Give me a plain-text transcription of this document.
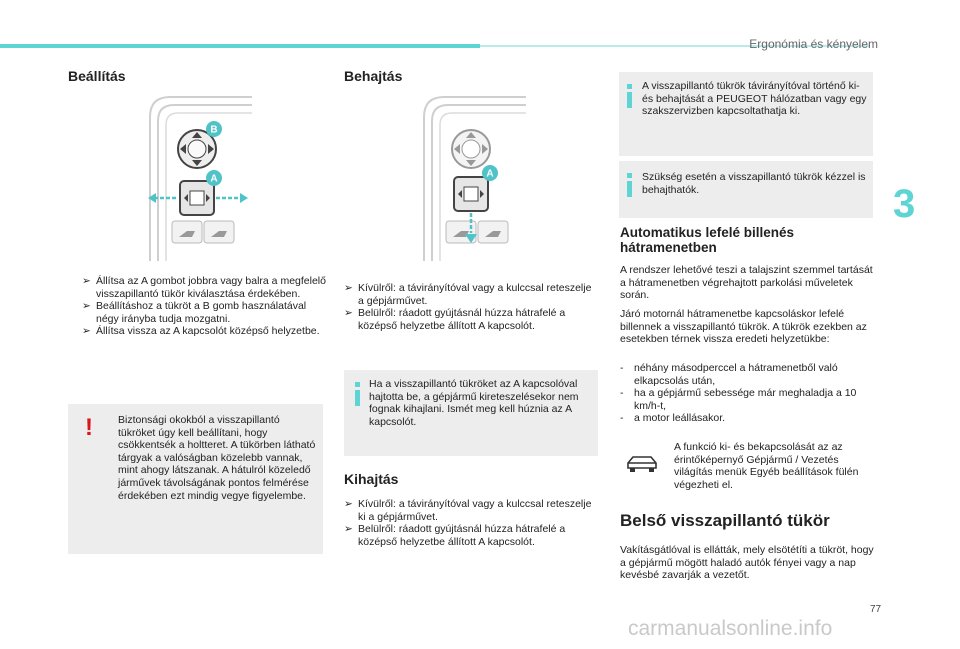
Ergonómia és kényelem
3
77
carmanualsonline.info
Beállítás
B
A
➢ Állítsa az A gombot jobbra vagy balra a megfelelő visszapillantó tükör kiválasztása érdekében.
➢ Beállításhoz a tükröt a B gomb használatával négy irányba tudja mozgatni.
➢ Állítsa vissza az A kapcsolót középső helyzetbe.
! Biztonsági okokból a visszapillantó tükröket úgy kell beállítani, hogy csökkentsék a holtteret. A tükörben látható tárgyak a valóságban közelebb vannak, mint ahogy látszanak. A hátulról közeledő járművek távolságának pontos felmérése érdekében ezt mindig vegye figyelembe.
Behajtás
A
➢ Kívülről: a távirányítóval vagy a kulccsal reteszelje a gépjárművet.
➢ Belülről: ráadott gyújtásnál húzza hátrafelé a középső helyzetbe állított A kapcsolót.
Ha a visszapillantó tükröket az A kapcsolóval hajtotta be, a gépjármű kireteszelésekor nem fognak kihajlani. Ismét meg kell húznia az A kapcsolót.
Kihajtás
➢ Kívülről: a távirányítóval vagy a kulccsal reteszelje ki a gépjárművet.
➢ Belülről: ráadott gyújtásnál húzza hátrafelé a középső helyzetbe állított A kapcsolót.
A visszapillantó tükrök távirányítóval történő ki- és behajtását a PEUGEOT hálózatban vagy egy szakszervizben kapcsoltathatja ki.
Szükség esetén a visszapillantó tükrök kézzel is behajthatók.
Automatikus lefelé billenés hátramenetben
A rendszer lehetővé teszi a talajszint szemmel tartását a hátramenetben végrehajtott parkolási műveletek során.
Járó motornál hátramenetbe kapcsoláskor lefelé billennek a visszapillantó tükrök. A tükrök ezekben az esetekben térnek vissza eredeti helyzetükbe:
-	néhány másodperccel a hátramenetből való elkapcsolás után,
-	ha a gépjármű sebessége már meghaladja a 10 km/h-t,
-	a motor leállásakor.
A funkció ki- és bekapcsolását az az érintőképernyő Gépjármű / Vezetés világítás menük Egyéb beállítások fülén végezheti el.
Belső visszapillantó tükör
Vakításgátlóval is ellátták, mely elsötétíti a tükröt, hogy a gépjármű mögött haladó autók fényei vagy a nap kevésbé zavarják a vezetőt.
